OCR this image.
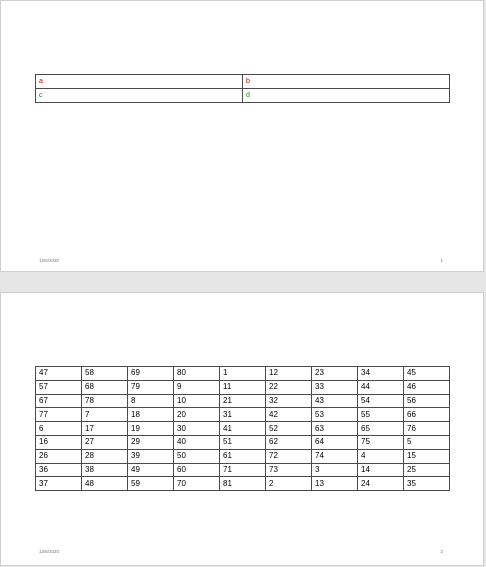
a	b
c	d
12/6/2020	1
47	58	69	80	1	12	23	34	45
57	68	79	9	11	22	33	44	46
67	78	8	10	21	32	43	54	56
77	7	18	20	31	42	53	55	66
6	17	19	30	41	52	63	65	76
16	27	29	40	51	62	64	75	5
26	28	39	50	61	72	74	4	15
36	38	49	60	71	73	3	14	25
37	48	59	70	81	2	13	24	35
12/6/2020	2
